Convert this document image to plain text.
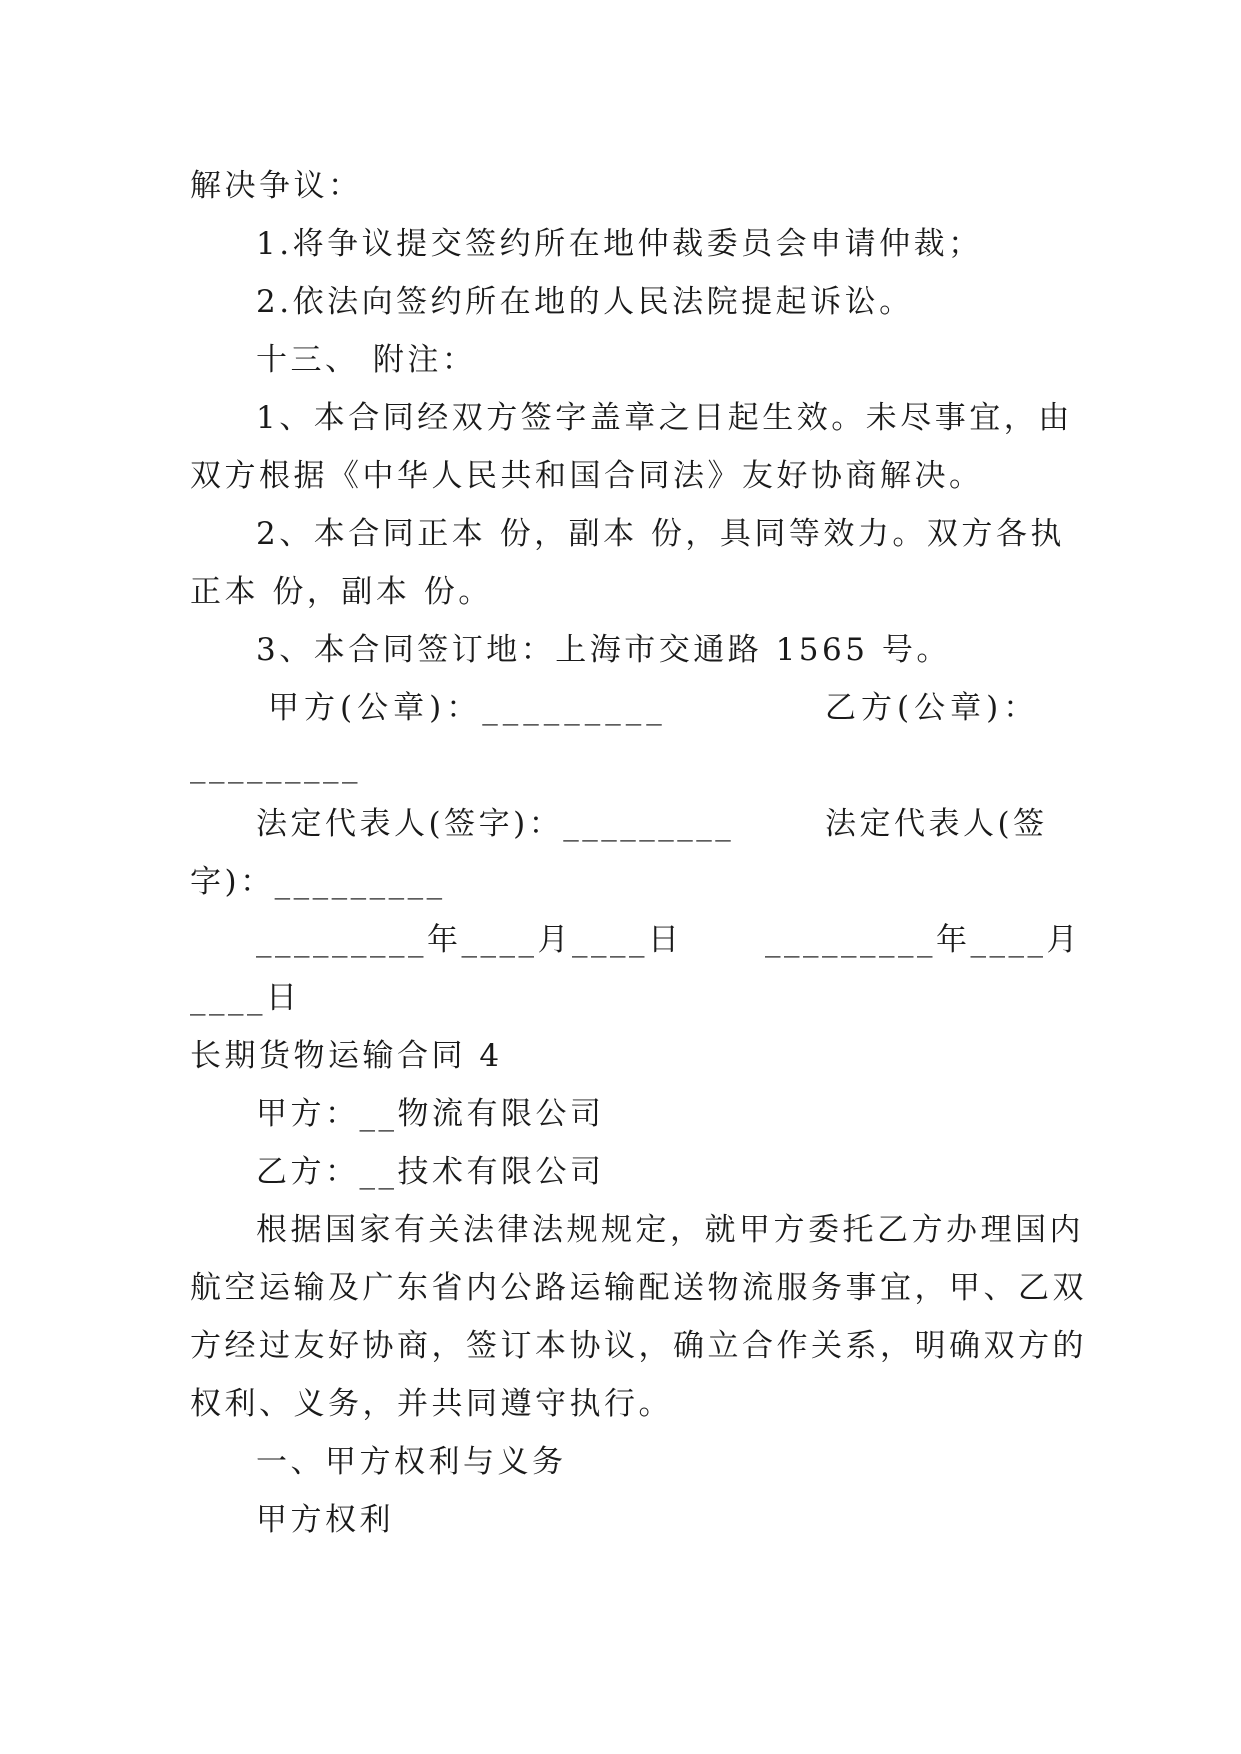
解决争议：
1.将争议提交签约所在地仲裁委员会申请仲裁；
2.依法向签约所在地的人民法院提起诉讼。
十三、 附注：
1、本合同经双方签字盖章之日起生效。未尽事宜，由
双方根据《中华人民共和国合同法》友好协商解决。
2、本合同正本 份，副本 份，具同等效力。双方各执
正本 份，副本 份。
3、本合同签订地：上海市交通路 1565 号。
甲方(公章)：_________	乙方(公章)：
_________
法定代表人(签字)：_________	法定代表人(签
字)：_________
_________年____月____日	_________年____月
____日
长期货物运输合同 4
甲方：__物流有限公司
乙方：__技术有限公司
根据国家有关法律法规规定，就甲方委托乙方办理国内
航空运输及广东省内公路运输配送物流服务事宜，甲、乙双
方经过友好协商，签订本协议，确立合作关系，明确双方的
权利、义务，并共同遵守执行。
一、甲方权利与义务
甲方权利
